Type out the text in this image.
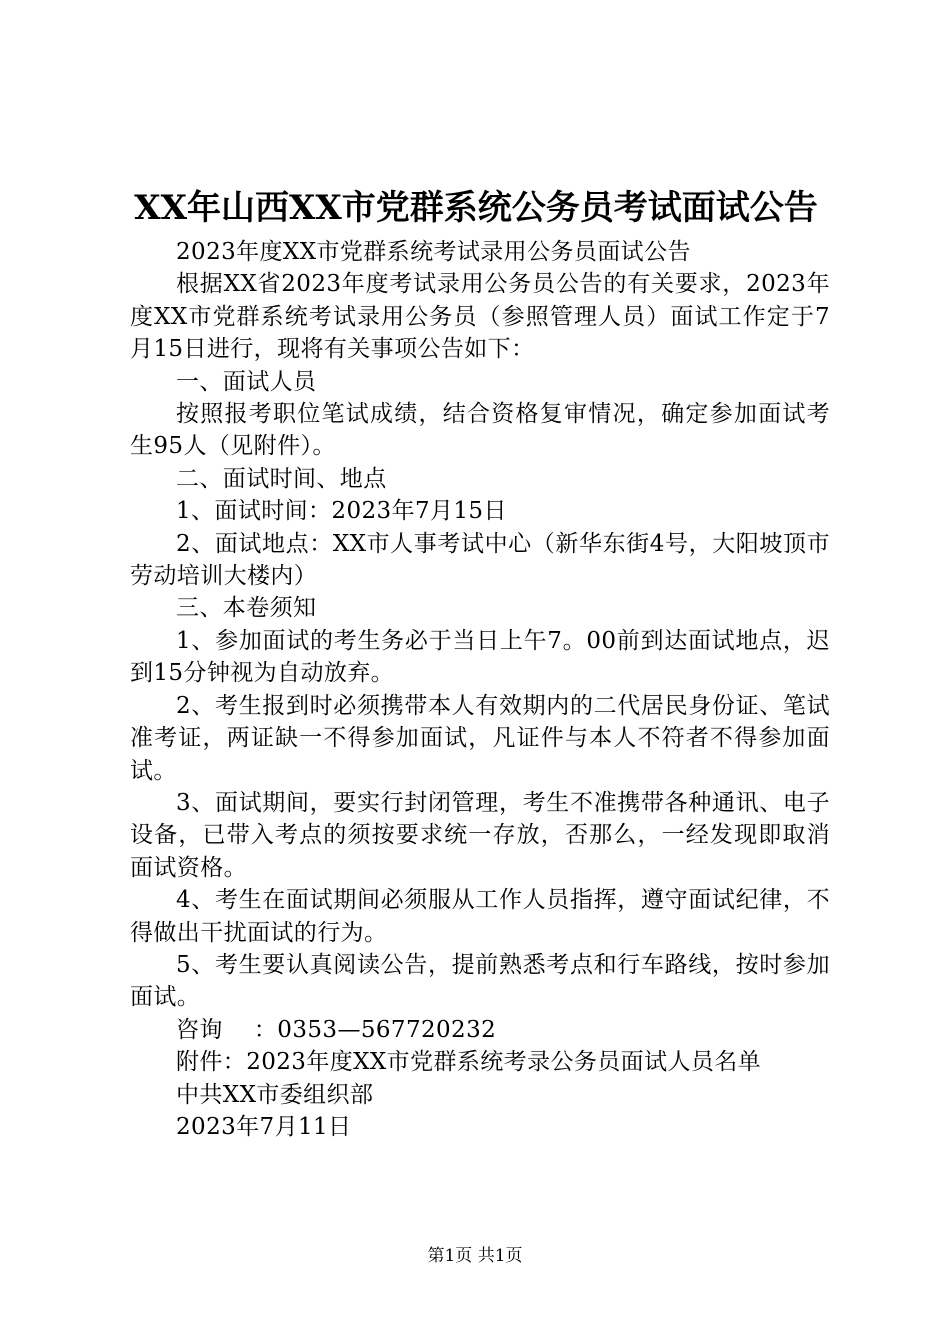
XX年山西XX市党群系统公务员考试面试公告

2023年度XX市党群系统考试录用公务员面试公告

根据XX省2023年度考试录用公务员公告的有关要求，2023年度XX市党群系统考试录用公务员（参照管理人员）面试工作定于7月15日进行，现将有关事项公告如下：

一、面试人员

按照报考职位笔试成绩，结合资格复审情况，确定参加面试考生95人（见附件）。

二、面试时间、地点

1、面试时间：2023年7月15日

2、面试地点：XX市人事考试中心（新华东街4号，大阳坡顶市劳动培训大楼内）

三、本卷须知

1、参加面试的考生务必于当日上午7。00前到达面试地点，迟到15分钟视为自动放弃。

2、考生报到时必须携带本人有效期内的二代居民身份证、笔试准考证，两证缺一不得参加面试，凡证件与本人不符者不得参加面试。

3、面试期间，要实行封闭管理，考生不准携带各种通讯、电子设备，已带入考点的须按要求统一存放，否那么，一经发现即取消面试资格。

4、考生在面试期间必须服从工作人员指挥，遵守面试纪律，不得做出干扰面试的行为。

5、考生要认真阅读公告，提前熟悉考点和行车路线，按时参加面试。

咨询　 ：0353—567720232

附件：2023年度XX市党群系统考录公务员面试人员名单

中共XX市委组织部

2023年7月11日

第1页 共1页
